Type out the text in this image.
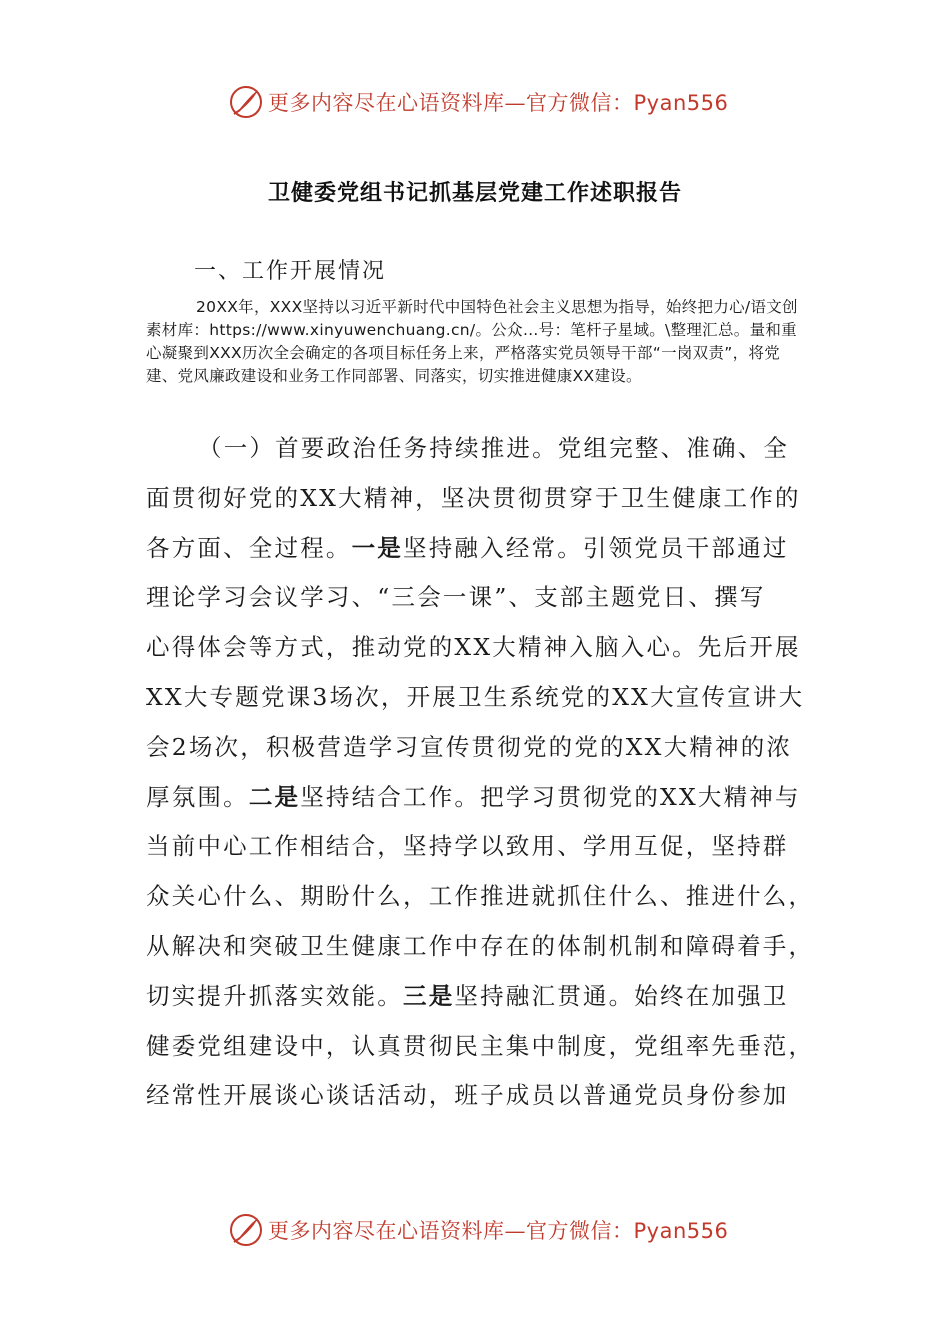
更多内容尽在心语资料库—官方微信：Pyan556
卫健委党组书记抓基层党建工作述职报告
一、工作开展情况
20XX年，XXX坚持以习近平新时代中国特色社会主义思想为指导，始终把力心/语文创素材库：https://www.xinyuwenchuang.cn/。公众…号：笔杆子星域。\整理汇总。量和重心凝聚到XXX历次全会确定的各项目标任务上来，严格落实党员领导干部“一岗双责”，将党建、党风廉政建设和业务工作同部署、同落实，切实推进健康XX建设。
（一）首要政治任务持续推进。党组完整、准确、全
面贯彻好党的XX大精神，坚决贯彻贯穿于卫生健康工作的
各方面、全过程。一是坚持融入经常。引领党员干部通过
理论学习会议学习、“三会一课”、支部主题党日、撰写
心得体会等方式，推动党的XX大精神入脑入心。先后开展
XX大专题党课3场次，开展卫生系统党的XX大宣传宣讲大
会2场次，积极营造学习宣传贯彻党的党的XX大精神的浓
厚氛围。二是坚持结合工作。把学习贯彻党的XX大精神与
当前中心工作相结合，坚持学以致用、学用互促，坚持群
众关心什么、期盼什么，工作推进就抓住什么、推进什么，
从解决和突破卫生健康工作中存在的体制机制和障碍着手，
切实提升抓落实效能。三是坚持融汇贯通。始终在加强卫
健委党组建设中，认真贯彻民主集中制度，党组率先垂范，
经常性开展谈心谈话活动，班子成员以普通党员身份参加
更多内容尽在心语资料库—官方微信：Pyan556
